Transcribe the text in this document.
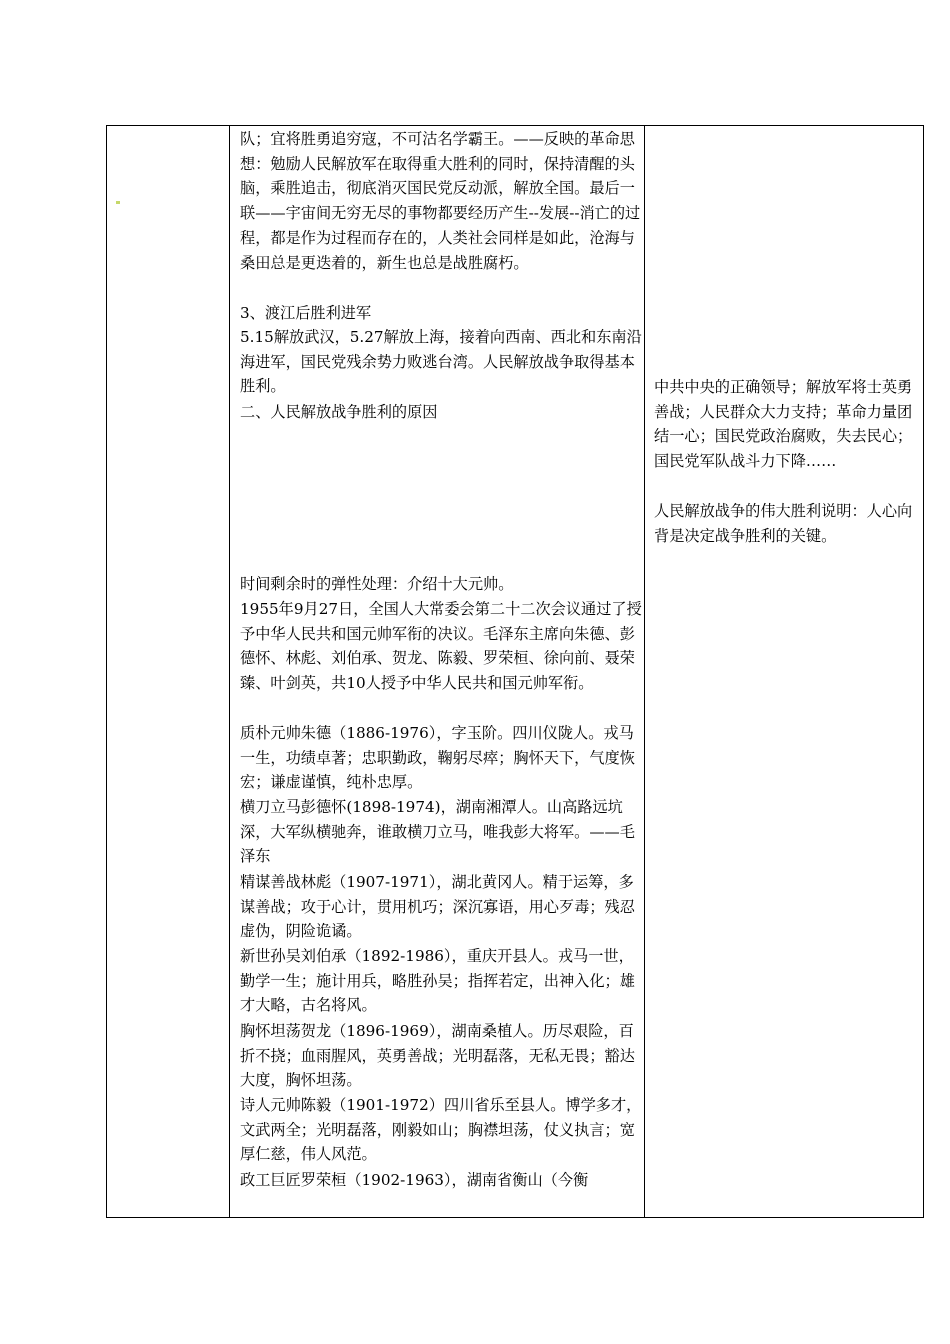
队；宜将胜勇追穷寇，不可沽名学霸王。——反映的革命思想：勉励人民解放军在取得重大胜利的同时，保持清醒的头脑，乘胜追击，彻底消灭国民党反动派，解放全国。最后一联——宇宙间无穷无尽的事物都要经历产生--发展--消亡的过程，都是作为过程而存在的，人类社会同样是如此，沧海与桑田总是更迭着的，新生也总是战胜腐朽。

3、渡江后胜利进军

5.15解放武汉，5.27解放上海，接着向西南、西北和东南沿海进军，国民党残余势力败逃台湾。人民解放战争取得基本胜利。

二、人民解放战争胜利的原因

时间剩余时的弹性处理：介绍十大元帅。

1955年9月27日，全国人大常委会第二十二次会议通过了授予中华人民共和国元帅军衔的决议。毛泽东主席向朱德、彭德怀、林彪、刘伯承、贺龙、陈毅、罗荣桓、徐向前、聂荣臻、叶剑英，共10人授予中华人民共和国元帅军衔。

质朴元帅朱德（1886-1976），字玉阶。四川仪陇人。戎马一生，功绩卓著；忠职勤政，鞠躬尽瘁；胸怀天下，气度恢宏；谦虚谨慎，纯朴忠厚。

横刀立马彭德怀(1898-1974)，湖南湘潭人。山高路远坑深，大军纵横驰奔，谁敢横刀立马，唯我彭大将军。——毛泽东

精谋善战林彪（1907-1971），湖北黄冈人。精于运筹，多谋善战；攻于心计，贯用机巧；深沉寡语，用心歹毒；残忍虚伪，阴险诡谲。

新世孙吴刘伯承（1892-1986），重庆开县人。戎马一世，勤学一生；施计用兵，略胜孙吴；指挥若定，出神入化；雄才大略，古名将风。

胸怀坦荡贺龙（1896-1969），湖南桑植人。历尽艰险，百折不挠；血雨腥风，英勇善战；光明磊落，无私无畏；豁达大度，胸怀坦荡。

诗人元帅陈毅（1901-1972）四川省乐至县人。博学多才，文武两全；光明磊落，刚毅如山；胸襟坦荡，仗义执言；宽厚仁慈，伟人风范。

政工巨匠罗荣桓（1902-1963），湖南省衡山（今衡

中共中央的正确领导；解放军将士英勇善战；人民群众大力支持；革命力量团结一心；国民党政治腐败，失去民心；国民党军队战斗力下降……

人民解放战争的伟大胜利说明：人心向背是决定战争胜利的关键。
